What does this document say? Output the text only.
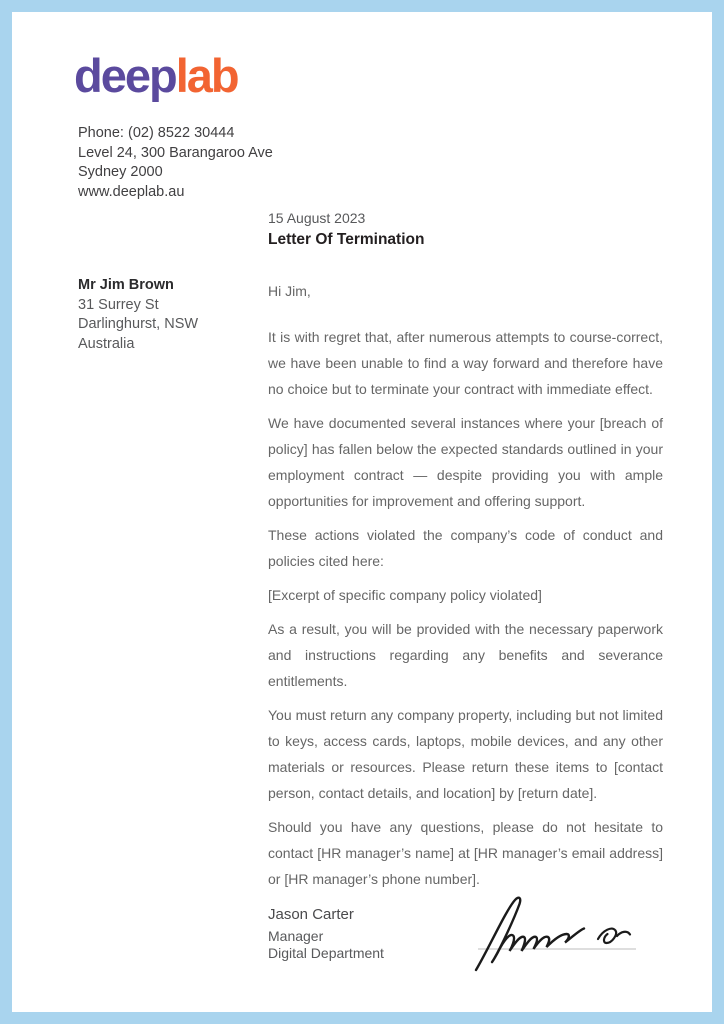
deeplab
Phone: (02) 8522 30444
Level 24, 300 Barangaroo Ave
Sydney 2000
www.deeplab.au
Mr Jim Brown
31 Surrey St
Darlinghurst, NSW
Australia

15 August 2023

Letter Of Termination

Hi Jim,

It is with regret that, after numerous attempts to course-correct, we have been unable to find a way forward and therefore have no choice but to terminate your contract with immediate effect.

We have documented several instances where your [breach of policy] has fallen below the expected standards outlined in your employment contract — despite providing you with ample opportunities for improvement and offering support.

These actions violated the company’s code of conduct and policies cited here:

[Excerpt of specific company policy violated]

As a result, you will be provided with the necessary paperwork and instructions regarding any benefits and severance entitlements.

You must return any company property, including but not limited to keys, access cards, laptops, mobile devices, and any other materials or resources. Please return these items to [contact person, contact details, and location] by [return date].

Should you have any questions, please do not hesitate to contact [HR manager’s name] at [HR manager’s email address] or [HR manager’s phone number].

Jason Carter

Manager

Digital Department
